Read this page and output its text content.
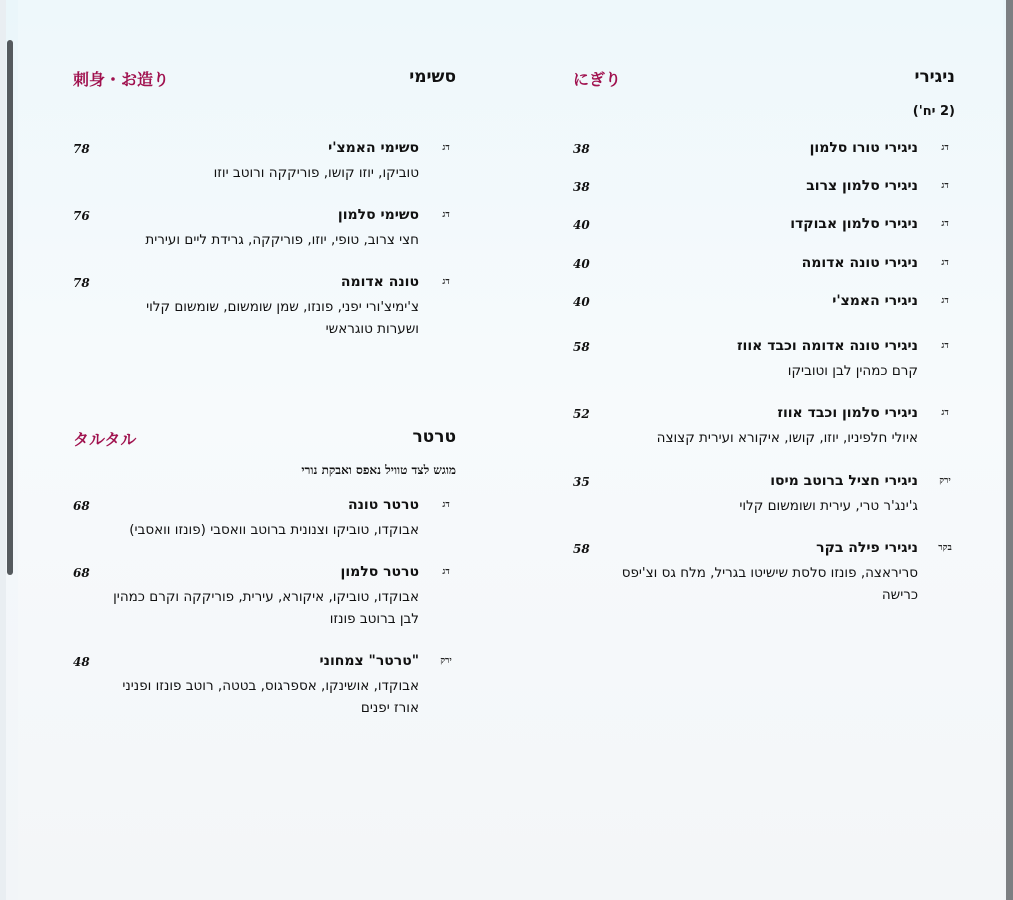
ניגירי
にぎり
(2 יח')
דג
ניגירי טורו סלמון
38
דג
ניגירי סלמון צרוב
38
דג
ניגירי סלמון אבוקדו
40
דג
ניגירי טונה אדומה
40
דג
ניגירי האמצ'י
40
דג
ניגירי טונה אדומה וכבד אווז
קרם כמהין לבן וטוביקו
58
דג
ניגירי סלמון וכבד אווז
איולי חלפיניו, יוזו, קושו, איקורא ועירית קצוצה
52
ירק
ניגירי חציל ברוטב מיסו
ג'ינג'ר טרי, עירית ושומשום קלוי
35
בקר
ניגירי פילה בקר
סריראצה, פונזו סלסת שישיטו בגריל, מלח גס וצ'יפס כרישה
58
סשימי
刺身・お造り
דג
סשימי האמצ'י
טוביקו, יוזו קושו, פוריקקה ורוטב יוזו
78
דג
סשימי סלמון
חצי צרוב, טופי, יוזו, פוריקקה, גרידת ליים ועירית
76
דג
טונה אדומה
צ'ימיצ'ורי יפני, פונזו, שמן שומשום, שומשום קלוי ושערות טוגראשי
78
טרטר
タルタル
מוגש לצד טוויל נאפס ואבקת נורי
דג
טרטר טונה
אבוקדו, טוביקו וצנונית ברוטב וואסבי (פונזו וואסבי)
68
דג
טרטר סלמון
אבוקדו, טוביקו, איקורא, עירית, פוריקקה וקרם כמהין לבן ברוטב פונזו
68
ירק
"טרטר" צמחוני
אבוקדו, אושינקו, אספרגוס, בטטה, רוטב פונזו ופניני אורז יפנים
48
